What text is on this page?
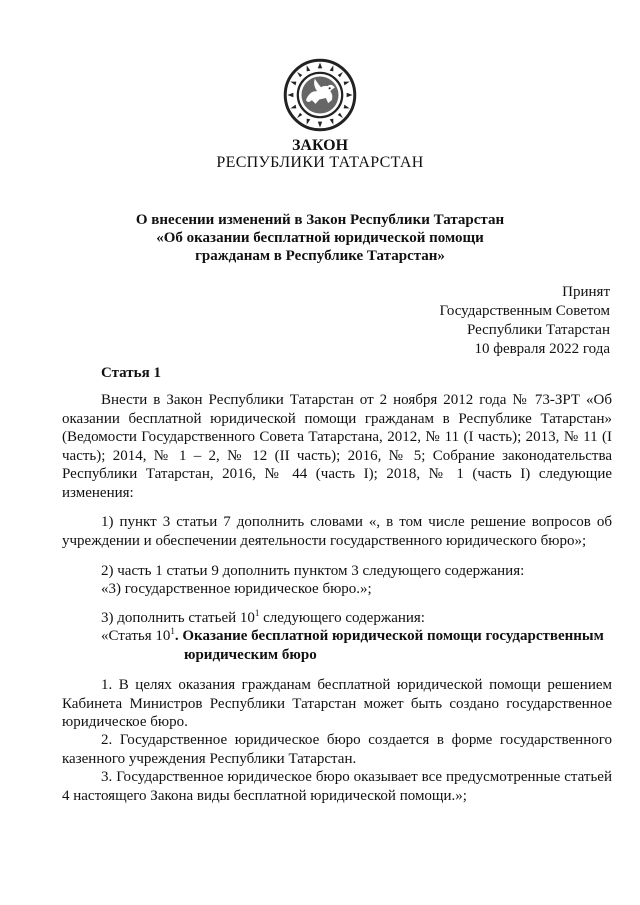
ЗАКОН
РЕСПУБЛИКИ ТАТАРСТАН
О внесении изменений в Закон Республики Татарстан
«Об оказании бесплатной юридической помощи
гражданам в Республике Татарстан»
Принят
Государственным Советом
Республики Татарстан
10 февраля 2022 года
Статья 1

Внести в Закон Республики Татарстан от 2 ноября 2012 года № 73-ЗРТ «Об оказании бесплатной юридической помощи гражданам в Республике Татарстан» (Ведомости Государственного Совета Татарстана, 2012, № 11 (I часть); 2013, № 11 (I часть); 2014, № 1 – 2, № 12 (II часть); 2016, № 5; Собрание законодательства Республики Татарстан, 2016, № 44 (часть I); 2018, № 1 (часть I) следующие изменения:

1) пункт 3 статьи 7 дополнить словами «, в том числе решение вопросов об учреждении и обеспечении деятельности государственного юридического бюро»;

2) часть 1 статьи 9 дополнить пунктом 3 следующего содержания:

«3) государственное юридическое бюро.»;

3) дополнить статьей $10^1$ следующего содержания:

«Статья $10^1$. Оказание бесплатной юридической помощи государственным
юридическим бюро

1. В целях оказания гражданам бесплатной юридической помощи решением Кабинета Министров Республики Татарстан может быть создано государственное юридическое бюро.

2. Государственное юридическое бюро создается в форме государственного казенного учреждения Республики Татарстан.

3. Государственное юридическое бюро оказывает все предусмотренные статьей 4 настоящего Закона виды бесплатной юридической помощи.»;
